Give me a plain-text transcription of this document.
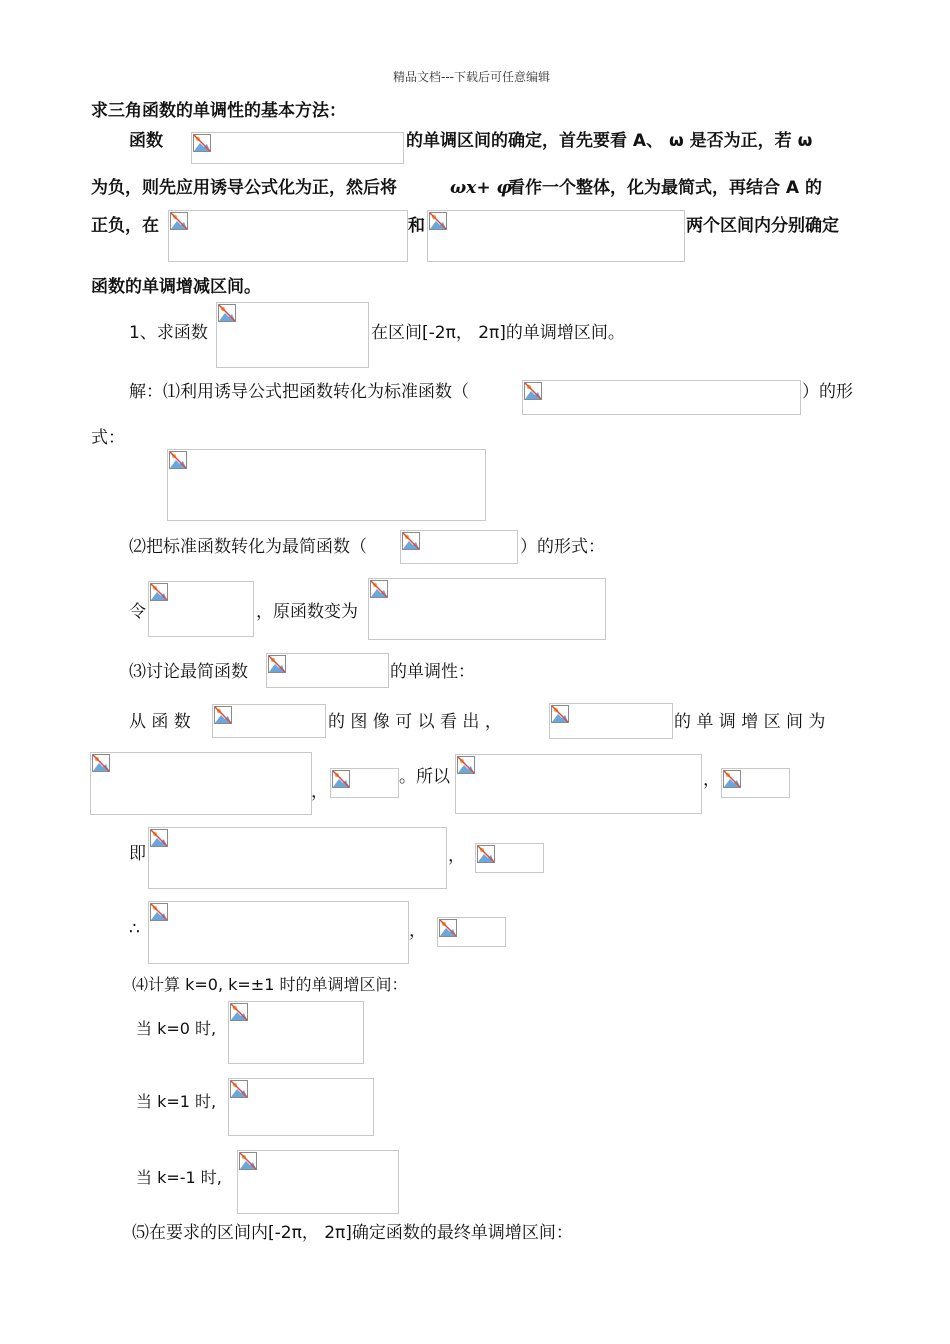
精品文档---下载后可任意编辑
求三角函数的单调性的基本方法：
函数	的单调区间的确定，首先要看 A、 ω 是否为正，若 ω
为负，则先应用诱导公式化为正，然后将	ωx+ φ
看作一个整体，化为最简式，再结合 A 的
正负，在	和	两个区间内分别确定
函数的单调增减区间。
1、求函数	在区间[-2π， 2π]的单调增区间。
解：⑴利用诱导公式把函数转化为标准函数（	）的形
式：
⑵把标准函数转化为最简函数（	）的形式：
令	，原函数变为
⑶讨论最简函数	的单调性：
从 函 数	的 图 像 可 以 看 出 ，	的 单 调 增 区 间 为
，
。所以	，
即	，
∴	，
⑷计算 k=0, k=±1 时的单调增区间：
当 k=0 时,
当 k=1 时,
当 k=-1 时,
⑸在要求的区间内[-2π， 2π]确定函数的最终单调增区间：
